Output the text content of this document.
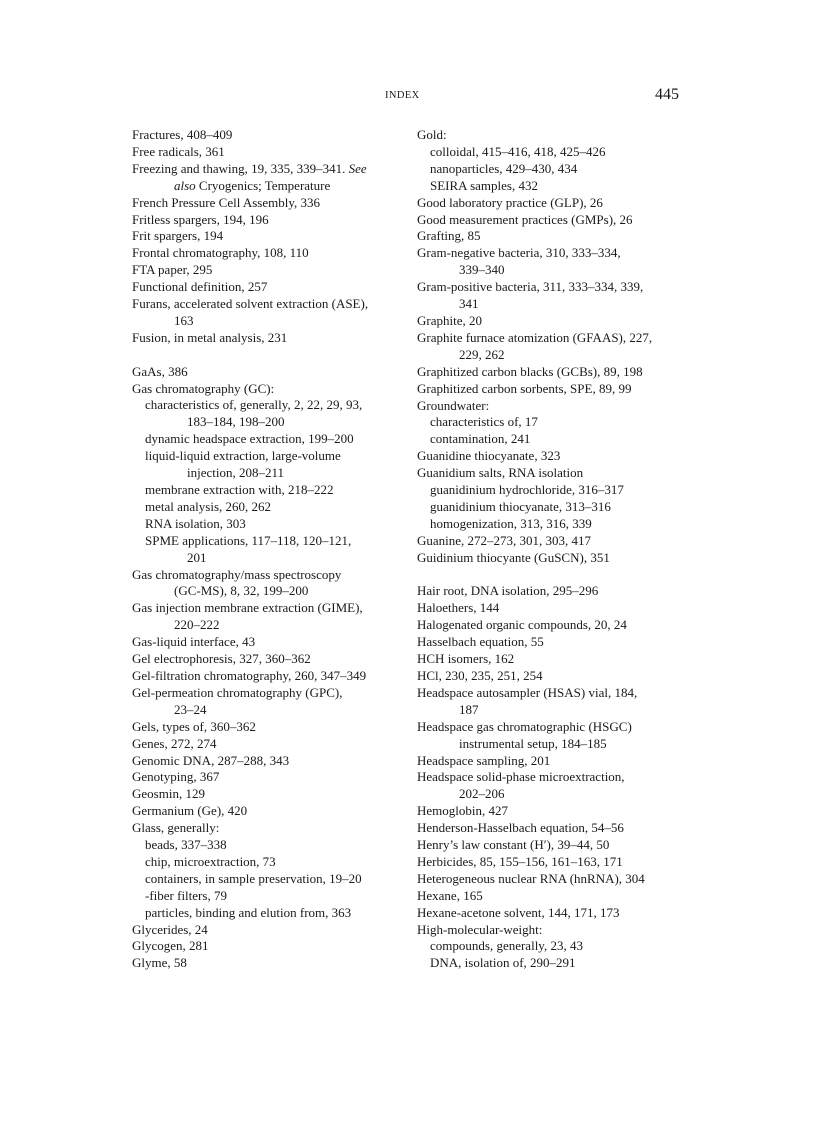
INDEX	445
Fractures, 408–409
Free radicals, 361
Freezing and thawing, 19, 335, 339–341. See
also Cryogenics; Temperature
French Pressure Cell Assembly, 336
Fritless spargers, 194, 196
Frit spargers, 194
Frontal chromatography, 108, 110
FTA paper, 295
Functional definition, 257
Furans, accelerated solvent extraction (ASE),
163
Fusion, in metal analysis, 231
GaAs, 386
Gas chromatography (GC):
characteristics of, generally, 2, 22, 29, 93,
183–184, 198–200
dynamic headspace extraction, 199–200
liquid-liquid extraction, large-volume
injection, 208–211
membrane extraction with, 218–222
metal analysis, 260, 262
RNA isolation, 303
SPME applications, 117–118, 120–121,
201
Gas chromatography/mass spectroscopy
(GC-MS), 8, 32, 199–200
Gas injection membrane extraction (GIME),
220–222
Gas-liquid interface, 43
Gel electrophoresis, 327, 360–362
Gel-filtration chromatography, 260, 347–349
Gel-permeation chromatography (GPC),
23–24
Gels, types of, 360–362
Genes, 272, 274
Genomic DNA, 287–288, 343
Genotyping, 367
Geosmin, 129
Germanium (Ge), 420
Glass, generally:
beads, 337–338
chip, microextraction, 73
containers, in sample preservation, 19–20
-fiber filters, 79
particles, binding and elution from, 363
Glycerides, 24
Glycogen, 281
Glyme, 58
Gold:
colloidal, 415–416, 418, 425–426
nanoparticles, 429–430, 434
SEIRA samples, 432
Good laboratory practice (GLP), 26
Good measurement practices (GMPs), 26
Grafting, 85
Gram-negative bacteria, 310, 333–334,
339–340
Gram-positive bacteria, 311, 333–334, 339,
341
Graphite, 20
Graphite furnace atomization (GFAAS), 227,
229, 262
Graphitized carbon blacks (GCBs), 89, 198
Graphitized carbon sorbents, SPE, 89, 99
Groundwater:
characteristics of, 17
contamination, 241
Guanidine thiocyanate, 323
Guanidium salts, RNA isolation
guanidinium hydrochloride, 316–317
guanidinium thiocyanate, 313–316
homogenization, 313, 316, 339
Guanine, 272–273, 301, 303, 417
Guidinium thiocyante (GuSCN), 351
Hair root, DNA isolation, 295–296
Haloethers, 144
Halogenated organic compounds, 20, 24
Hasselbach equation, 55
HCH isomers, 162
HCl, 230, 235, 251, 254
Headspace autosampler (HSAS) vial, 184,
187
Headspace gas chromatographic (HSGC)
instrumental setup, 184–185
Headspace sampling, 201
Headspace solid-phase microextraction,
202–206
Hemoglobin, 427
Henderson-Hasselbach equation, 54–56
Henry’s law constant (H′), 39–44, 50
Herbicides, 85, 155–156, 161–163, 171
Heterogeneous nuclear RNA (hnRNA), 304
Hexane, 165
Hexane-acetone solvent, 144, 171, 173
High-molecular-weight:
compounds, generally, 23, 43
DNA, isolation of, 290–291
